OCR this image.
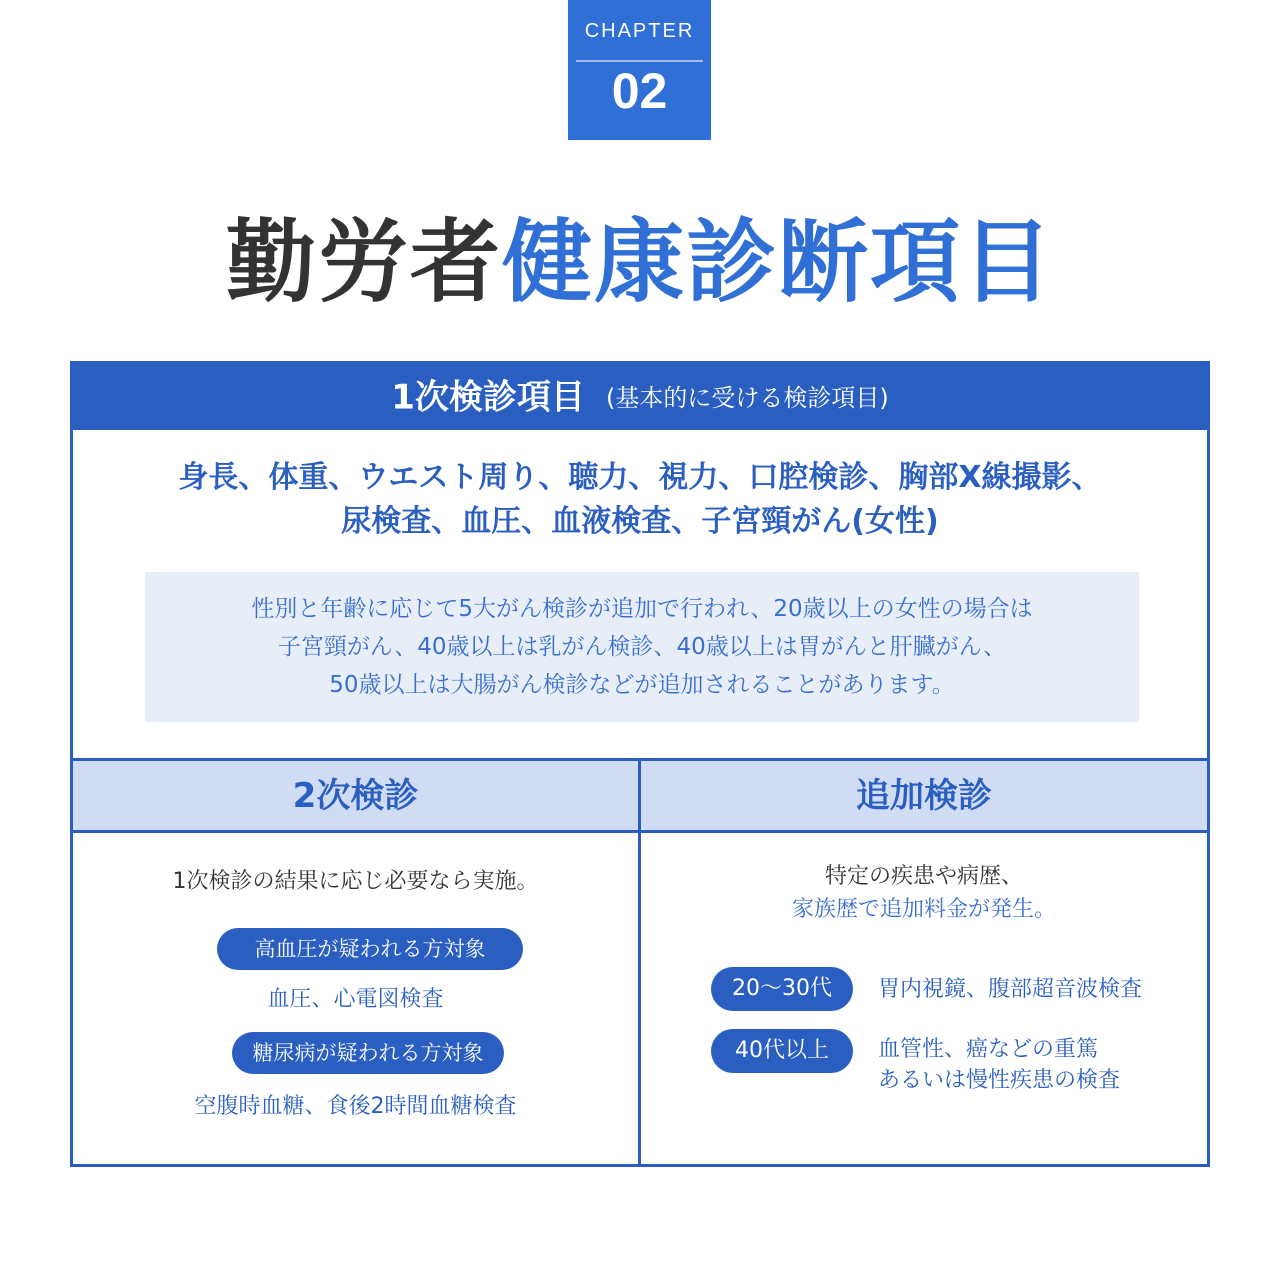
CHAPTER
02
勤労者健康診断項目
1次検診項目 (基本的に受ける検診項目)
身長、体重、ウエスト周り、聴力、視力、口腔検診、胸部X線撮影、
尿検査、血圧、血液検査、子宮頸がん(女性)
性別と年齢に応じて5大がん検診が追加で行われ、20歳以上の女性の場合は
子宮頸がん、40歳以上は乳がん検診、40歳以上は胃がんと肝臓がん、
50歳以上は大腸がん検診などが追加されることがあります。
2次検診	追加検診
1次検診の結果に応じ必要なら実施。
高血圧が疑われる方対象
血圧、心電図検査
糖尿病が疑われる方対象
空腹時血糖、食後2時間血糖検査
特定の疾患や病歴、
家族歴で追加料金が発生。
20〜30代	胃内視鏡、腹部超音波検査
40代以上	血管性、癌などの重篤
あるいは慢性疾患の検査
